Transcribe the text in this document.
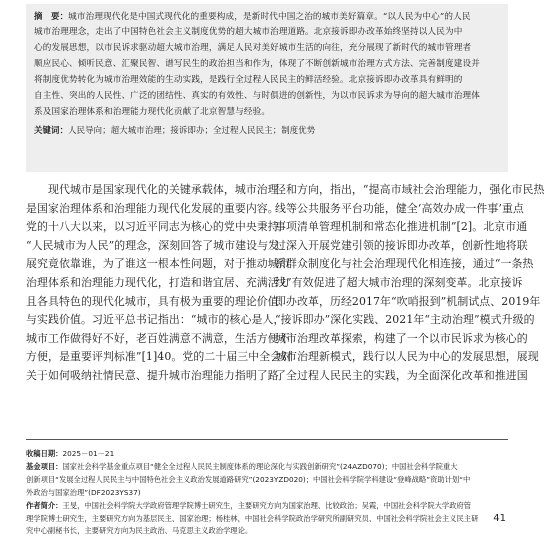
摘　要：城市治理现代化是中国式现代化的重要构成，是新时代中国之治的城市美好篇章。“以人民为中心”的人民
城市治理理念，走出了中国特色社会主义制度优势的超大城市治理道路。北京接诉即办改革始终坚持以人民为中
心的发展思想，以市民诉求驱动超大城市治理，满足人民对美好城市生活的向往，充分展现了新时代的城市管理者
顺应民心、倾听民意、汇聚民智、谱写民生的政治担当和作为，体现了不断创新城市治理方式方法、完善制度建设并
将制度优势转化为城市治理效能的生动实践，是践行全过程人民民主的鲜活经验。北京接诉即办改革具有鲜明的
自主性、突出的人民性、广泛的团结性、真实的有效性、与时俱进的创新性，为以市民诉求为导向的超大城市治理体
系及国家治理体系和治理能力现代化贡献了北京智慧与经验。
关键词：人民导向；超大城市治理；接诉即办；全过程人民民主；制度优势
　　现代城市是国家现代化的关键承载体，城市治理
是国家治理体系和治理能力现代化发展的重要内容。
党的十八大以来，以习近平同志为核心的党中央秉持
“人民城市为人民”的理念，深刻回答了城市建设与发
展究竟依靠谁，为了谁这一根本性问题，对于推动城市
治理体系和治理能力现代化，打造和谐宜居、充满活力
且各具特色的现代化城市，具有极为重要的理论价值
与实践价值。习近平总书记指出：“城市的核心是人，
城市工作做得好不好，老百姓满意不满意，生活方便不
方便，是重要评判标准”[1]40。党的二十届三中全会对
关于如何吸纳社情民意、提升城市治理能力指明了路
径和方向，指出，“提高市域社会治理能力，强化市民热
线等公共服务平台功能，健全‘高效办成一件事’重点
事项清单管理机制和常态化推进机制”[2]。北京市通
过深入开展党建引领的接诉即办改革，创新性地将联
系群众制度化与社会治理现代化相连接，通过“一条热
线”有效促进了超大城市治理的深刻变革。北京接诉
即办改革，历经2017年“吹哨报到”机制试点、2019年
“接诉即办”深化实践、2021年“主动治理”模式升级的
城市治理改革探索，构建了一个以市民诉求为核心的
城市治理新模式，践行以人民为中心的发展思想，展现
了全过程人民民主的实践，为全面深化改革和推进国
收稿日期：2025－01－21
基金项目：国家社会科学基金重点项目“健全全过程人民民主制度体系的理论深化与实践创新研究”(24AZD070)；中国社会科学院重大
创新项目“发展全过程人民民主与中国特色社会主义政治发展道路研究”(2023YZD020)；中国社会科学院学科建设“登峰战略”资助计划“中
外政治与国家治理”(DF2023YS37)
作者简介：王旻，中国社会科学院大学政府管理学院博士研究生，主要研究方向为国家治理、比较政治；吴霞，中国社会科学院大学政府管
理学院博士研究生，主要研究方向为基层民主、国家治理；杨桂林，中国社会科学院政治学研究所副研究员、中国社会科学院社会主义民主研
究中心副秘书长，主要研究方向为民主政治、马克思主义政治学理论。
41
